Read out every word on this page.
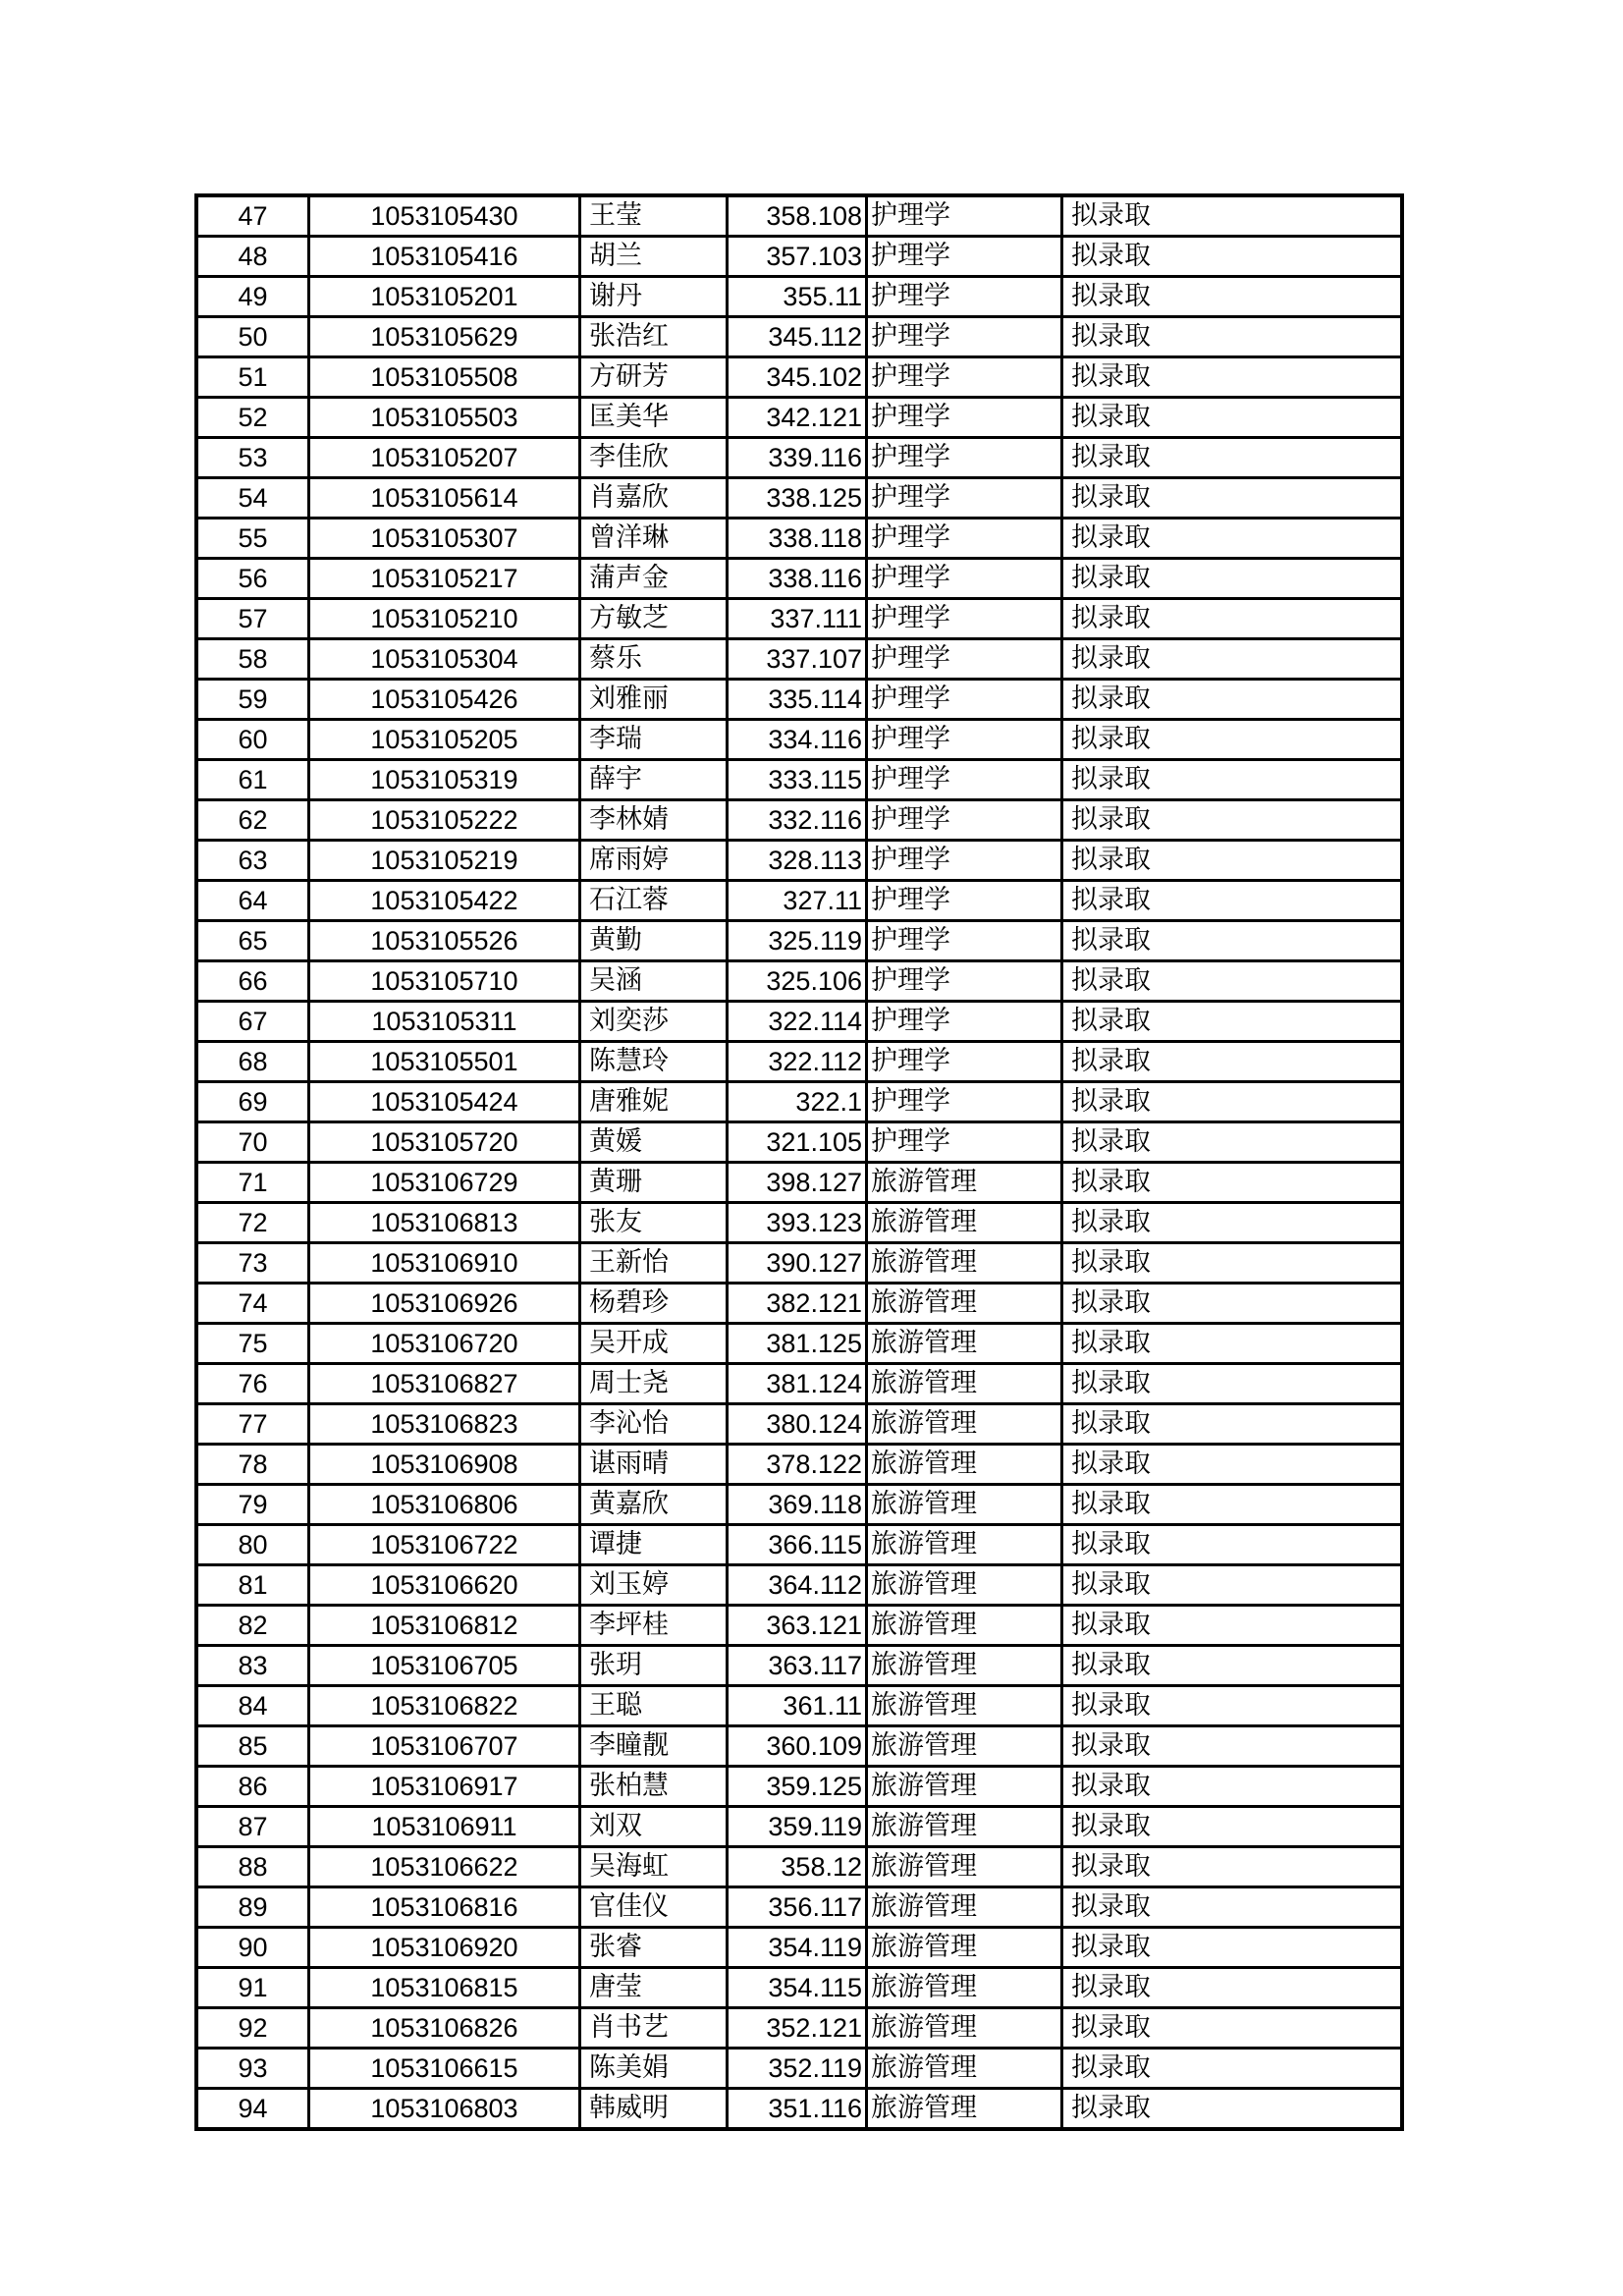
47	1053105430	王莹	358.108	护理学	拟录取
48	1053105416	胡兰	357.103	护理学	拟录取
49	1053105201	谢丹	355.11	护理学	拟录取
50	1053105629	张浩红	345.112	护理学	拟录取
51	1053105508	方研芳	345.102	护理学	拟录取
52	1053105503	匡美华	342.121	护理学	拟录取
53	1053105207	李佳欣	339.116	护理学	拟录取
54	1053105614	肖嘉欣	338.125	护理学	拟录取
55	1053105307	曾洋琳	338.118	护理学	拟录取
56	1053105217	蒲声金	338.116	护理学	拟录取
57	1053105210	方敏芝	337.111	护理学	拟录取
58	1053105304	蔡乐	337.107	护理学	拟录取
59	1053105426	刘雅丽	335.114	护理学	拟录取
60	1053105205	李瑞	334.116	护理学	拟录取
61	1053105319	薛宇	333.115	护理学	拟录取
62	1053105222	李林婧	332.116	护理学	拟录取
63	1053105219	席雨婷	328.113	护理学	拟录取
64	1053105422	石江蓉	327.11	护理学	拟录取
65	1053105526	黄勤	325.119	护理学	拟录取
66	1053105710	吴涵	325.106	护理学	拟录取
67	1053105311	刘奕莎	322.114	护理学	拟录取
68	1053105501	陈慧玲	322.112	护理学	拟录取
69	1053105424	唐雅妮	322.1	护理学	拟录取
70	1053105720	黄媛	321.105	护理学	拟录取
71	1053106729	黄珊	398.127	旅游管理	拟录取
72	1053106813	张友	393.123	旅游管理	拟录取
73	1053106910	王新怡	390.127	旅游管理	拟录取
74	1053106926	杨碧珍	382.121	旅游管理	拟录取
75	1053106720	吴开成	381.125	旅游管理	拟录取
76	1053106827	周士尧	381.124	旅游管理	拟录取
77	1053106823	李沁怡	380.124	旅游管理	拟录取
78	1053106908	谌雨晴	378.122	旅游管理	拟录取
79	1053106806	黄嘉欣	369.118	旅游管理	拟录取
80	1053106722	谭捷	366.115	旅游管理	拟录取
81	1053106620	刘玉婷	364.112	旅游管理	拟录取
82	1053106812	李坪桂	363.121	旅游管理	拟录取
83	1053106705	张玥	363.117	旅游管理	拟录取
84	1053106822	王聪	361.11	旅游管理	拟录取
85	1053106707	李瞳靓	360.109	旅游管理	拟录取
86	1053106917	张柏慧	359.125	旅游管理	拟录取
87	1053106911	刘双	359.119	旅游管理	拟录取
88	1053106622	吴海虹	358.12	旅游管理	拟录取
89	1053106816	官佳仪	356.117	旅游管理	拟录取
90	1053106920	张睿	354.119	旅游管理	拟录取
91	1053106815	唐莹	354.115	旅游管理	拟录取
92	1053106826	肖书艺	352.121	旅游管理	拟录取
93	1053106615	陈美娟	352.119	旅游管理	拟录取
94	1053106803	韩威明	351.116	旅游管理	拟录取
